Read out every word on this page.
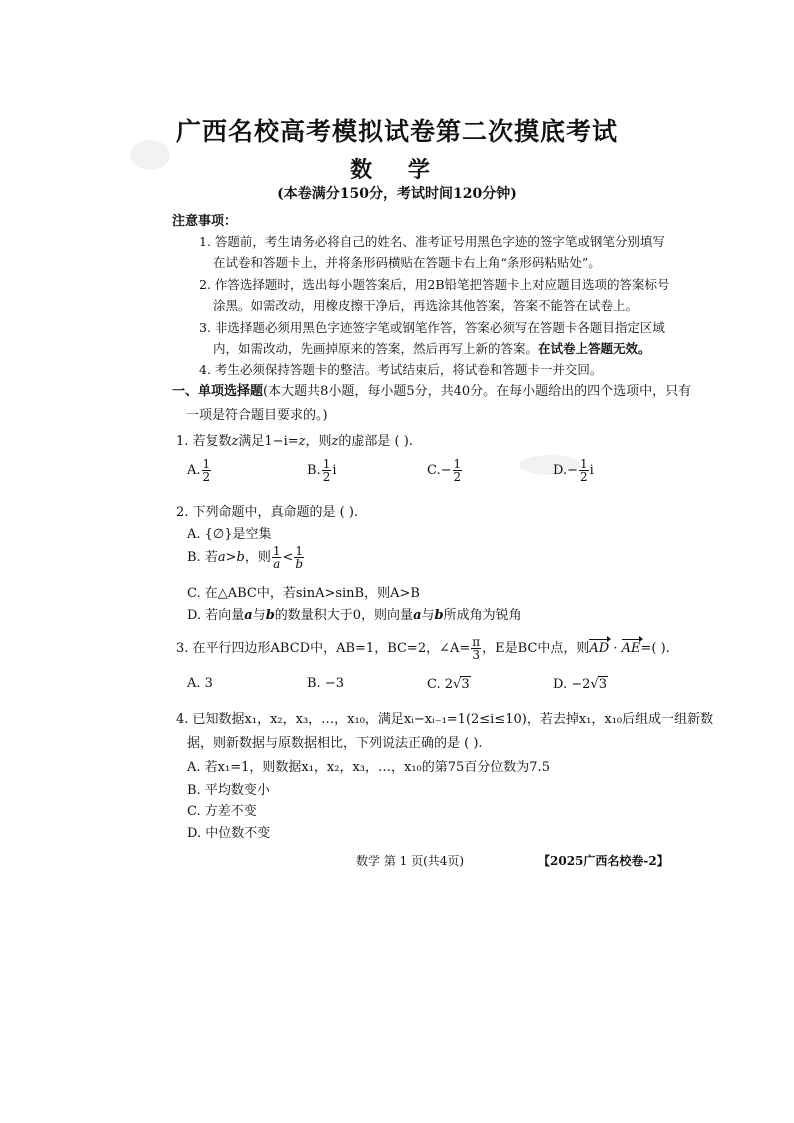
广西名校高考模拟试卷第二次摸底考试
数 学
(本卷满分150分，考试时间120分钟)
注意事项：
1. 答题前，考生请务必将自己的姓名、准考证号用黑色字迹的签字笔或钢笔分别填写
在试卷和答题卡上，并将条形码横贴在答题卡右上角“条形码粘贴处”。
2. 作答选择题时，选出每小题答案后，用2B铅笔把答题卡上对应题目选项的答案标号
涂黑。如需改动，用橡皮擦干净后，再选涂其他答案，答案不能答在试卷上。
3. 非选择题必须用黑色字迹签字笔或钢笔作答，答案必须写在答题卡各题目指定区域
内，如需改动，先画掉原来的答案，然后再写上新的答案。在试卷上答题无效。
4. 考生必须保持答题卡的整洁。考试结束后，将试卷和答题卡一并交回。
一、单项选择题(本大题共8小题，每小题5分，共40分。在每小题给出的四个选项中，只有
一项是符合题目要求的。)
1. 若复数z满足1−i=z，则z的虚部是 ( ).
A. $\frac{1}{2}$	B. $\frac{1}{2}$ i	$C.- \frac{1}{2}$	$D.- \frac{1}{2}$ i
2. 下列命题中，真命题的是 ( ).
A. {∅}是空集
B. 若a>b，则 $\frac{1}{a} < \frac{1}{b}$
C. 在△ABC中，若sinA>sinB，则A>B
D. 若向量a与b的数量积大于0，则向量a与b所成角为锐角
3. 在平行四边形ABCD中，AB=1，BC=2，∠A= $\frac{\pi}{3}$ ，E是BC中点，则AD · AE=( ).
A. 3	B. −3	C. 2√3	D. −2√3
4. 已知数据x₁，x₂，x₃，…，x₁₀，满足xᵢ−xᵢ₋₁=1(2≤i≤10)，若去掉x₁，x₁₀后组成一组新数
据，则新数据与原数据相比，下列说法正确的是 ( ).
A. 若x₁=1，则数据x₁，x₂，x₃，…，x₁₀的第75百分位数为7.5
B. 平均数变小
C. 方差不变
D. 中位数不变
数学 第 1 页(共4页)	【2025广西名校卷-2】
